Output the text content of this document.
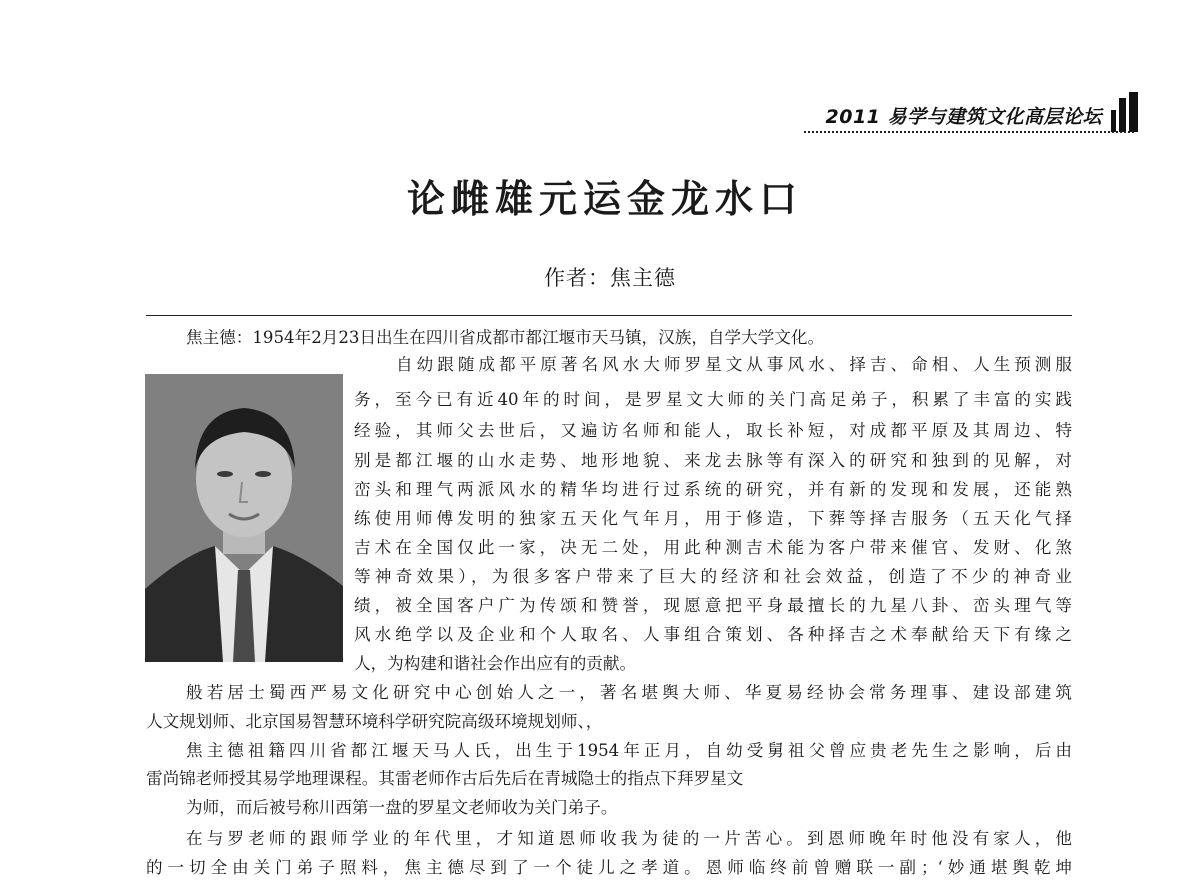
2011 易学与建筑文化高层论坛
论雌雄元运金龙水口
作者：焦主德
焦主德：1954年2月23日出生在四川省成都市都江堰市天马镇，汉族，自学大学文化。
自幼跟随成都平原著名风水大师罗星文从事风水、择吉、命相、人生预测服
务，至今已有近40年的时间，是罗星文大师的关门高足弟子，积累了丰富的实践
经验，其师父去世后，又遍访名师和能人，取长补短，对成都平原及其周边、特
别是都江堰的山水走势、地形地貌、来龙去脉等有深入的研究和独到的见解，对
峦头和理气两派风水的精华均进行过系统的研究，并有新的发现和发展，还能熟
练使用师傅发明的独家五天化气年月，用于修造，下葬等择吉服务（五天化气择
吉术在全国仅此一家，决无二处，用此种测吉术能为客户带来催官、发财、化煞
等神奇效果），为很多客户带来了巨大的经济和社会效益，创造了不少的神奇业
绩，被全国客户广为传颂和赞誉，现愿意把平身最擅长的九星八卦、峦头理气等
风水绝学以及企业和个人取名、人事组合策划、各种择吉之术奉献给天下有缘之
人，为构建和谐社会作出应有的贡献。
般若居士蜀西严易文化研究中心创始人之一，著名堪舆大师、华夏易经协会常务理事、建设部建筑
人文规划师、北京国易智慧环境科学研究院高级环境规划师、，
焦主德祖籍四川省都江堰天马人氏，出生于1954年正月，自幼受舅祖父曾应贵老先生之影响，后由
雷尚锦老师授其易学地理课程。其雷老师作古后先后在青城隐士的指点下拜罗星文
为师，而后被号称川西第一盘的罗星文老师收为关门弟子。
在与罗老师的跟师学业的年代里，才知道恩师收我为徒的一片苦心。到恩师晚年时他没有家人，他
的一切全由关门弟子照料，焦主德尽到了一个徒儿之孝道。恩师临终前曾赠联一副；‘妙通堪舆乾坤
